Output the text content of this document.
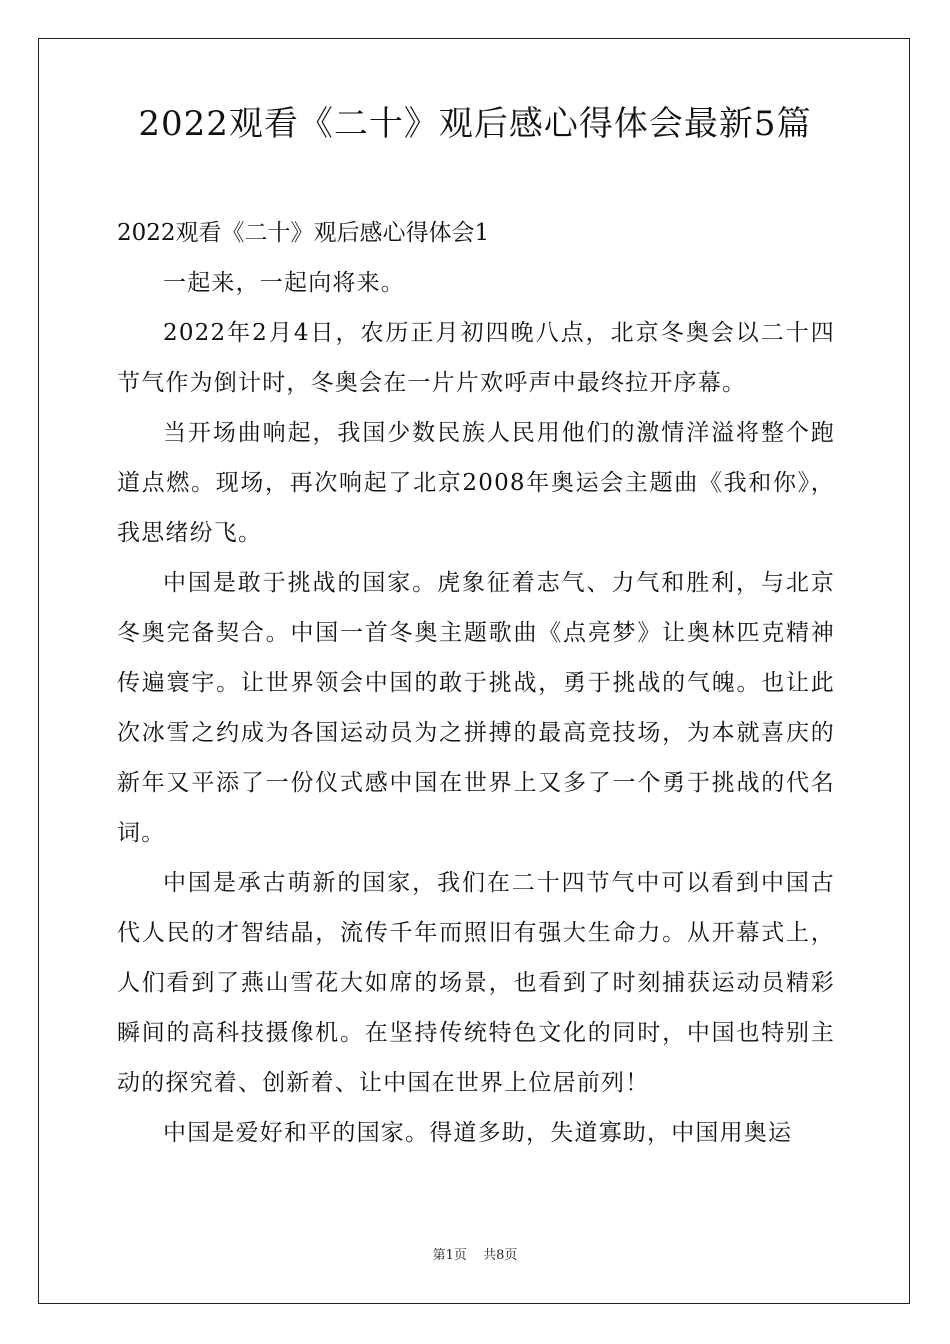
2022观看《二十》观后感心得体会最新5篇

2022观看《二十》观后感心得体会1

一起来，一起向将来。

2022年2月4日，农历正月初四晚八点，北京冬奥会以二十四节气作为倒计时，冬奥会在一片片欢呼声中最终拉开序幕。

当开场曲响起，我国少数民族人民用他们的激情洋溢将整个跑道点燃。现场，再次响起了北京2008年奥运会主题曲《我和你》，我思绪纷飞。

中国是敢于挑战的国家。虎象征着志气、力气和胜利，与北京冬奥完备契合。中国一首冬奥主题歌曲《点亮梦》让奥林匹克精神传遍寰宇。让世界领会中国的敢于挑战，勇于挑战的气魄。也让此次冰雪之约成为各国运动员为之拼搏的最高竞技场，为本就喜庆的新年又平添了一份仪式感中国在世界上又多了一个勇于挑战的代名词。

中国是承古萌新的国家，我们在二十四节气中可以看到中国古代人民的才智结晶，流传千年而照旧有强大生命力。从开幕式上，人们看到了燕山雪花大如席的场景，也看到了时刻捕获运动员精彩瞬间的高科技摄像机。在坚持传统特色文化的同时，中国也特别主动的探究着、创新着、让中国在世界上位居前列！

中国是爱好和平的国家。得道多助，失道寡助，中国用奥运

第1页 共8页
